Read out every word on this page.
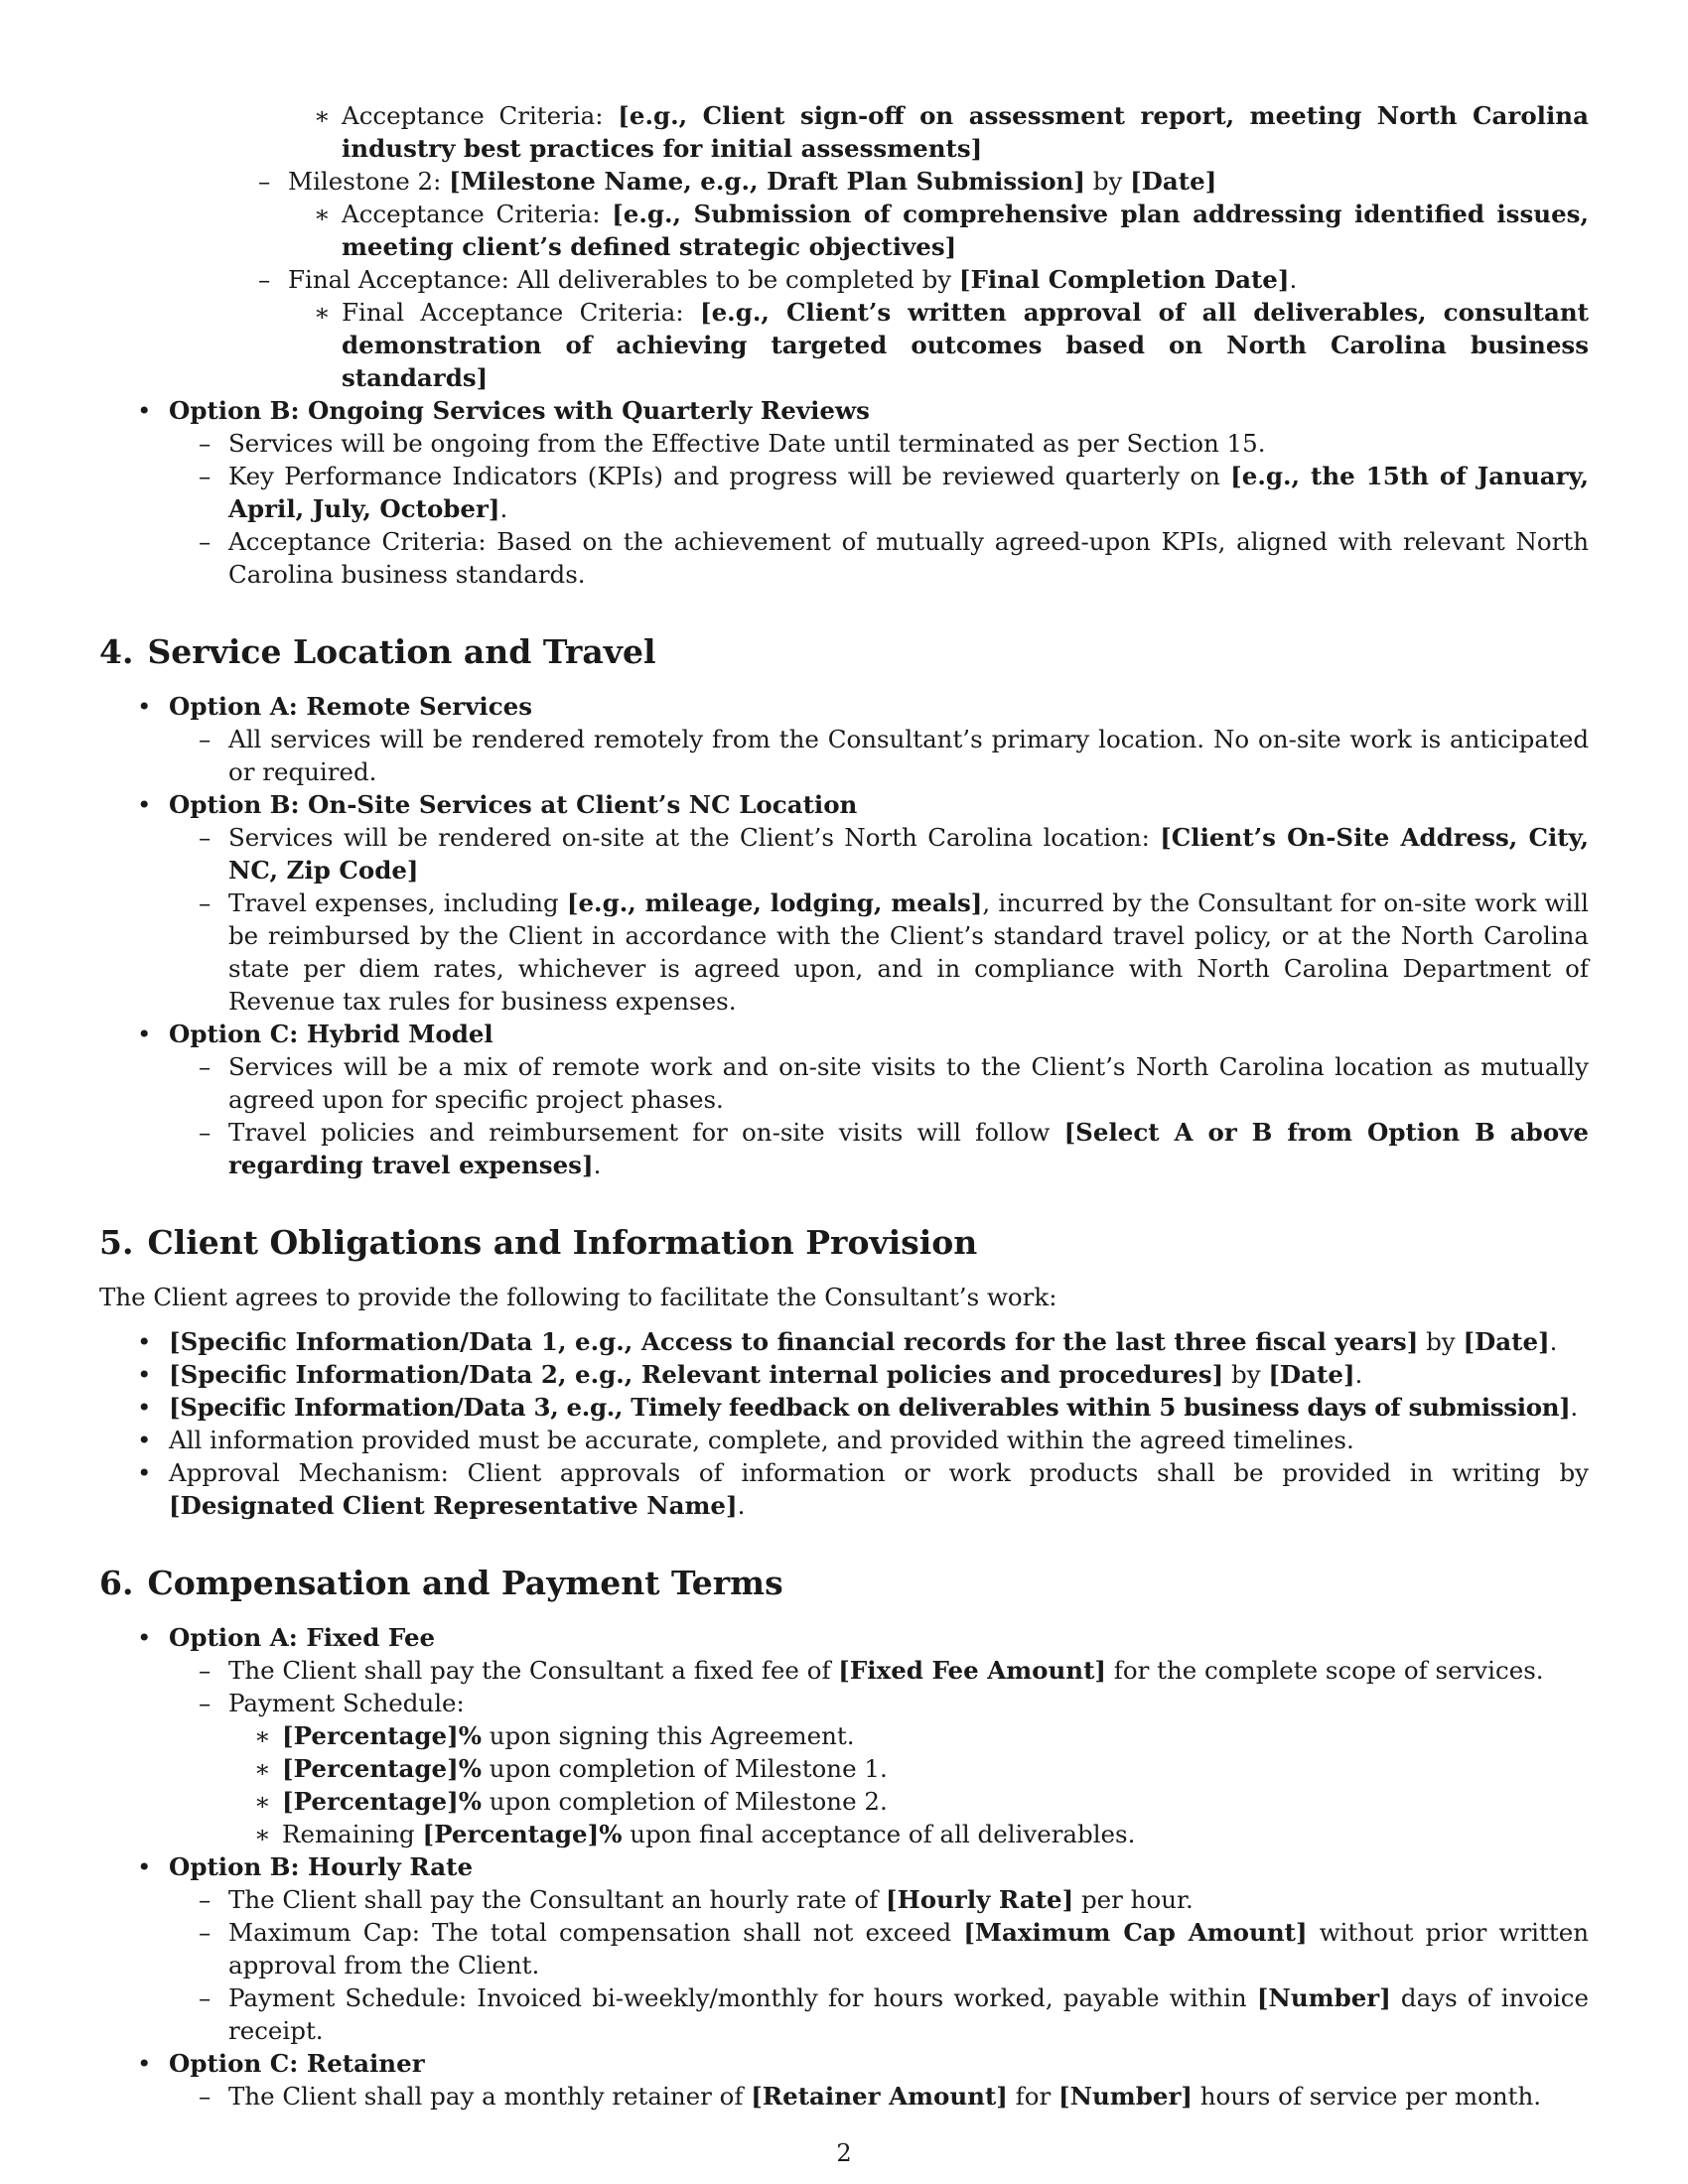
∗ Acceptance Criteria: [e.g., Client sign-off on assessment report, meeting North Carolina industry best practices for initial assessments]
– Milestone 2: [Milestone Name, e.g., Draft Plan Submission] by [Date]
∗ Acceptance Criteria: [e.g., Submission of comprehensive plan addressing identified issues, meeting client’s defined strategic objectives]
– Final Acceptance: All deliverables to be completed by [Final Completion Date].
∗ Final Acceptance Criteria: [e.g., Client’s written approval of all deliverables, consultant demonstration of achieving targeted outcomes based on North Carolina business standards]
• Option B: Ongoing Services with Quarterly Reviews
– Services will be ongoing from the Effective Date until terminated as per Section 15.
– Key Performance Indicators (KPIs) and progress will be reviewed quarterly on [e.g., the 15th of January, April, July, October].
– Acceptance Criteria: Based on the achievement of mutually agreed-upon KPIs, aligned with relevant North Carolina business standards.
4. Service Location and Travel
• Option A: Remote Services
– All services will be rendered remotely from the Consultant’s primary location. No on-site work is anticipated or required.
• Option B: On-Site Services at Client’s NC Location
– Services will be rendered on-site at the Client’s North Carolina location: [Client’s On-Site Address, City, NC, Zip Code]
– Travel expenses, including [e.g., mileage, lodging, meals], incurred by the Consultant for on-site work will be reimbursed by the Client in accordance with the Client’s standard travel policy, or at the North Carolina state per diem rates, whichever is agreed upon, and in compliance with North Carolina Department of Revenue tax rules for business expenses.
• Option C: Hybrid Model
– Services will be a mix of remote work and on-site visits to the Client’s North Carolina location as mutually agreed upon for specific project phases.
– Travel policies and reimbursement for on-site visits will follow [Select A or B from Option B above regarding travel expenses].
5. Client Obligations and Information Provision

The Client agrees to provide the following to facilitate the Consultant’s work:

• [Specific Information/Data 1, e.g., Access to financial records for the last three fiscal years] by [Date].
• [Specific Information/Data 2, e.g., Relevant internal policies and procedures] by [Date].
• [Specific Information/Data 3, e.g., Timely feedback on deliverables within 5 business days of submission].
• All information provided must be accurate, complete, and provided within the agreed timelines.
• Approval Mechanism: Client approvals of information or work products shall be provided in writing by [Designated Client Representative Name].
6. Compensation and Payment Terms
• Option A: Fixed Fee
– The Client shall pay the Consultant a fixed fee of [Fixed Fee Amount] for the complete scope of services.
– Payment Schedule:
∗ [Percentage]% upon signing this Agreement.
∗ [Percentage]% upon completion of Milestone 1.
∗ [Percentage]% upon completion of Milestone 2.
∗ Remaining [Percentage]% upon final acceptance of all deliverables.
• Option B: Hourly Rate
– The Client shall pay the Consultant an hourly rate of [Hourly Rate] per hour.
– Maximum Cap: The total compensation shall not exceed [Maximum Cap Amount] without prior written approval from the Client.
– Payment Schedule: Invoiced bi-weekly/monthly for hours worked, payable within [Number] days of invoice receipt.
• Option C: Retainer
– The Client shall pay a monthly retainer of [Retainer Amount] for [Number] hours of service per month.
2
